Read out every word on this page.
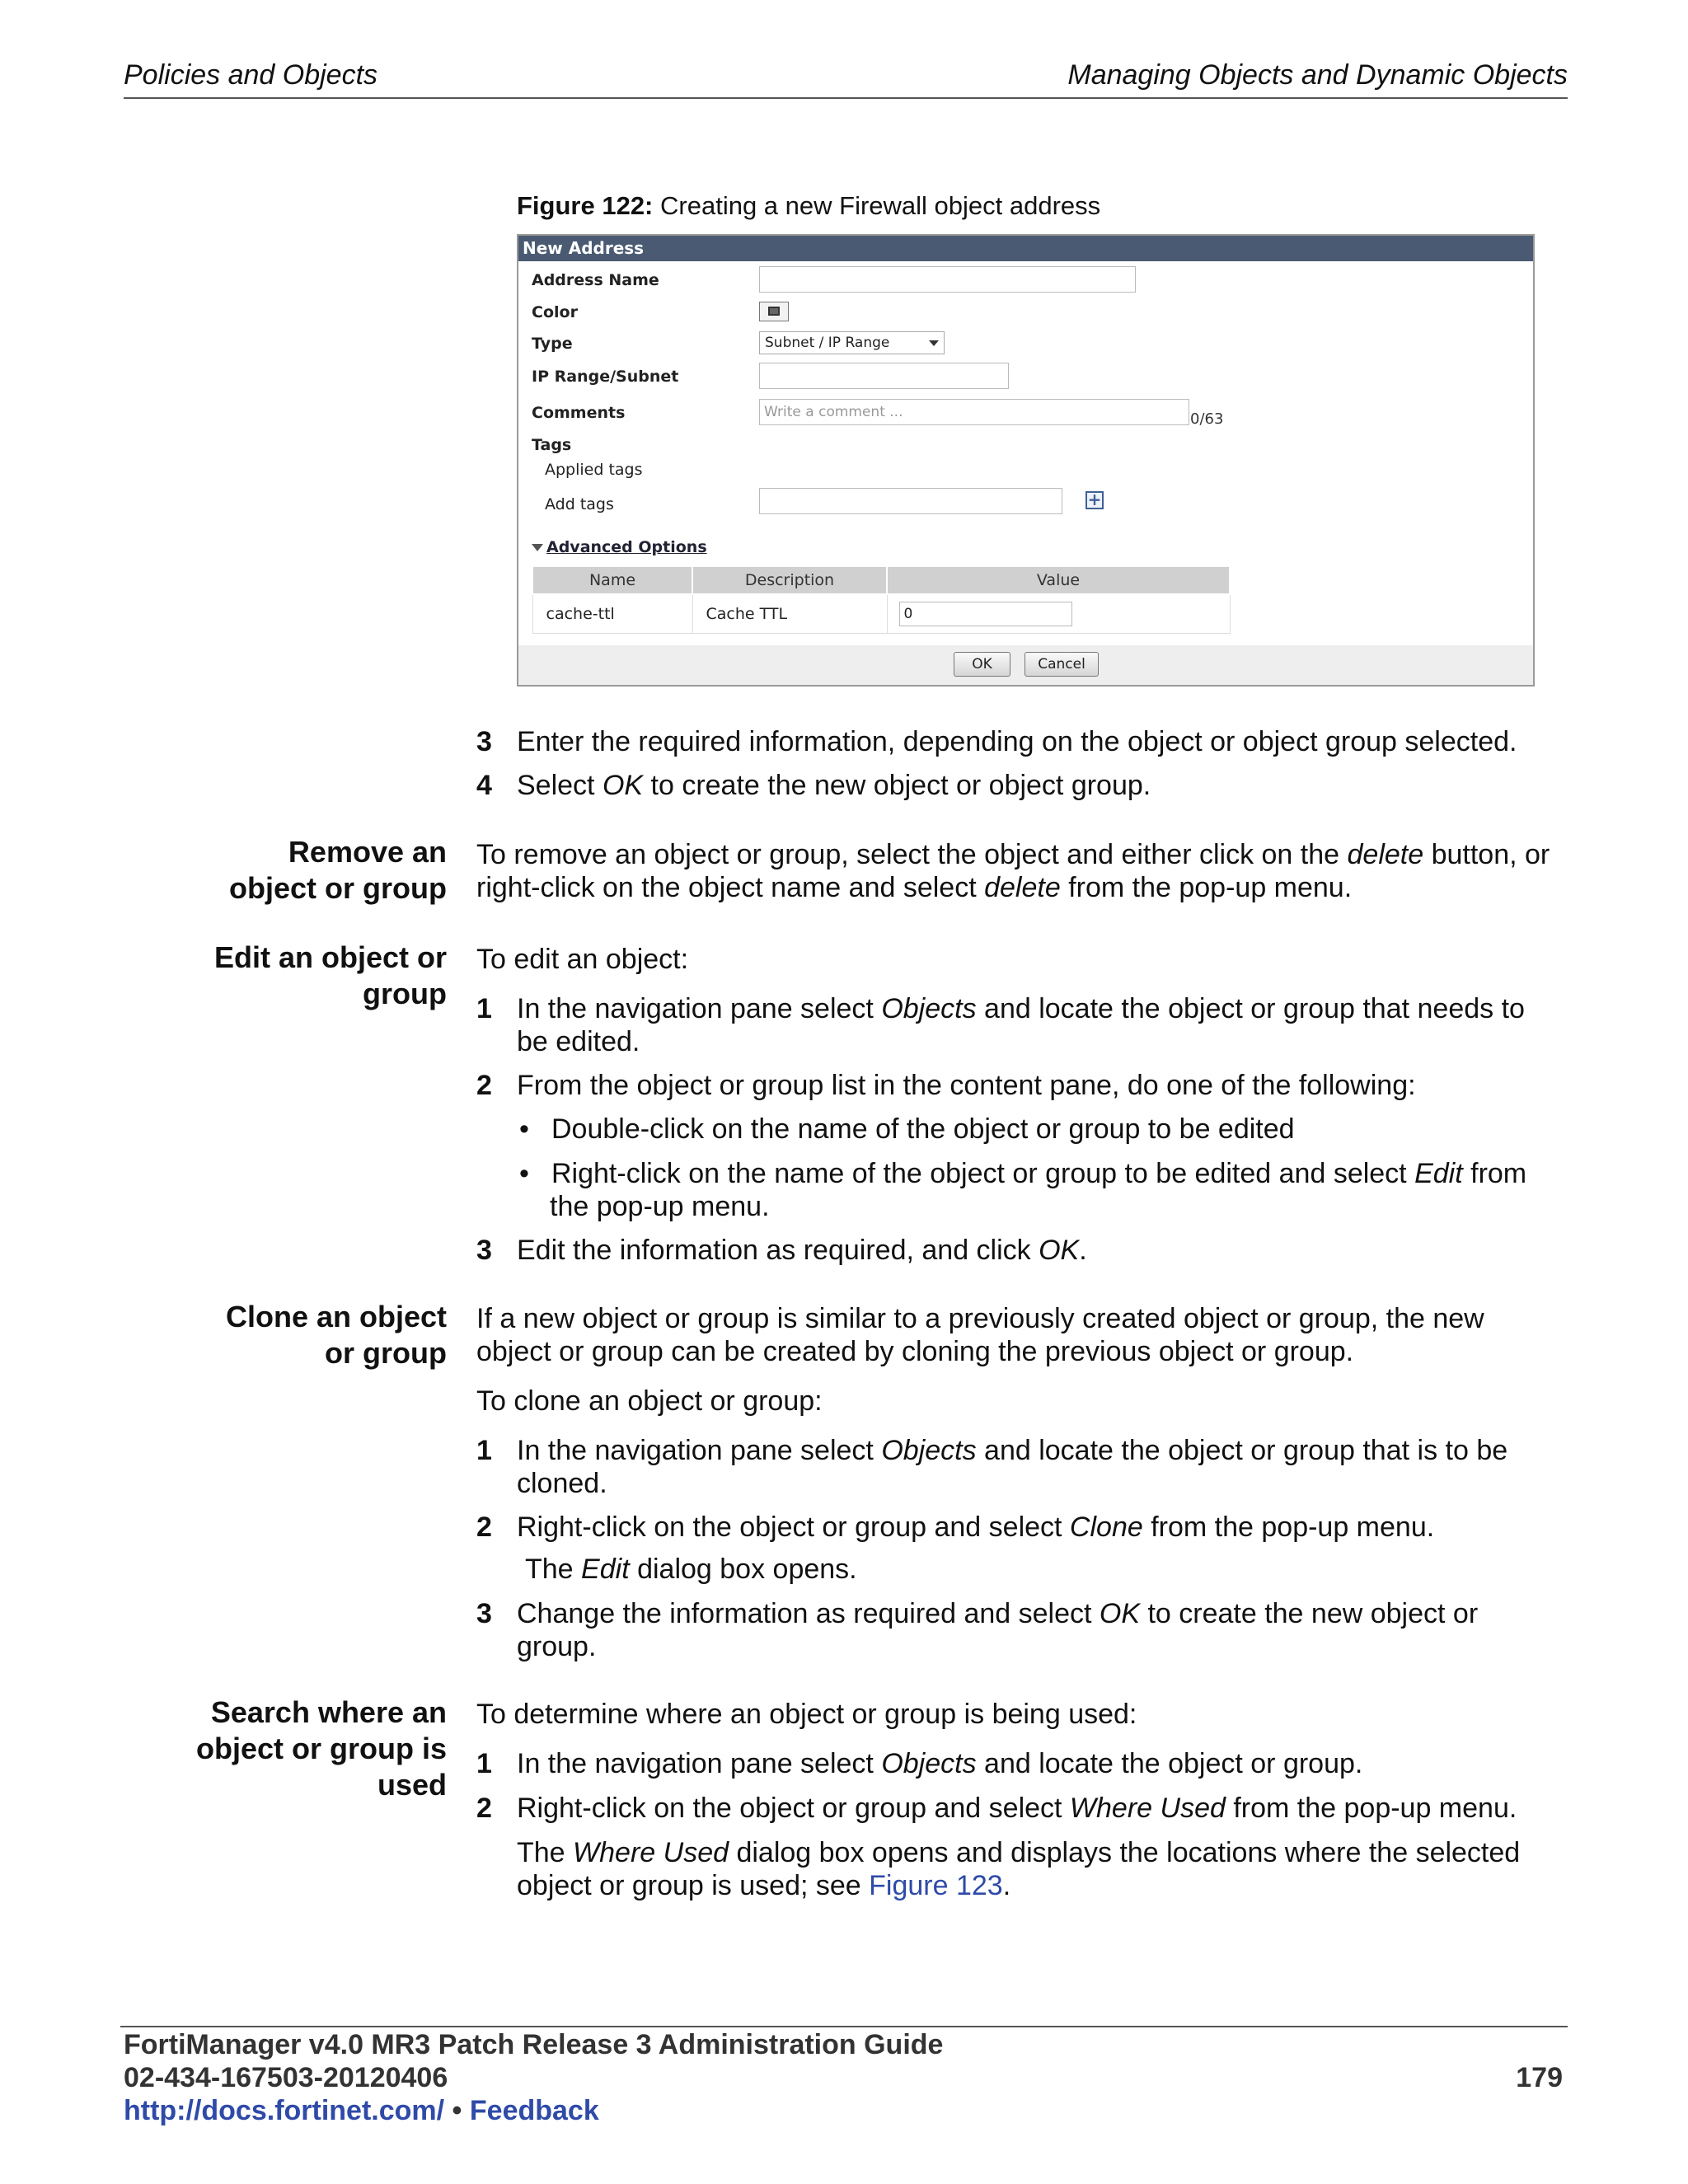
Policies and Objects	Managing Objects and Dynamic Objects
Figure 122: Creating a new Firewall object address
New Address
Address Name
Color
Type	Subnet / IP Range
IP Range/Subnet
Comments	Write a comment ...	0/63
Tags
Applied tags
Add tags	+
Advanced Options
Name	Description	Value
cache-ttl	Cache TTL	0
OK	Cancel
3 Enter the required information, depending on the object or object group selected.
4 Select OK to create the new object or object group.
Remove an
object or group
To remove an object or group, select the object and either click on the delete button, or
right-click on the object name and select delete from the pop-up menu.
Edit an object or
group
To edit an object:
1 In the navigation pane select Objects and locate the object or group that needs to
be edited.
2 From the object or group list in the content pane, do one of the following:
• Double-click on the name of the object or group to be edited
• Right-click on the name of the object or group to be edited and select Edit from
the pop-up menu.
3 Edit the information as required, and click OK.
Clone an object
or group
If a new object or group is similar to a previously created object or group, the new
object or group can be created by cloning the previous object or group.
To clone an object or group:
1 In the navigation pane select Objects and locate the object or group that is to be
cloned.
2 Right-click on the object or group and select Clone from the pop-up menu.
The Edit dialog box opens.
3 Change the information as required and select OK to create the new object or
group.
Search where an
object or group is
used
To determine where an object or group is being used:
1 In the navigation pane select Objects and locate the object or group.
2 Right-click on the object or group and select Where Used from the pop-up menu.
The Where Used dialog box opens and displays the locations where the selected
object or group is used; see Figure 123.
FortiManager v4.0 MR3 Patch Release 3 Administration Guide
02-434-167503-20120406
http://docs.fortinet.com/ • Feedback
179
